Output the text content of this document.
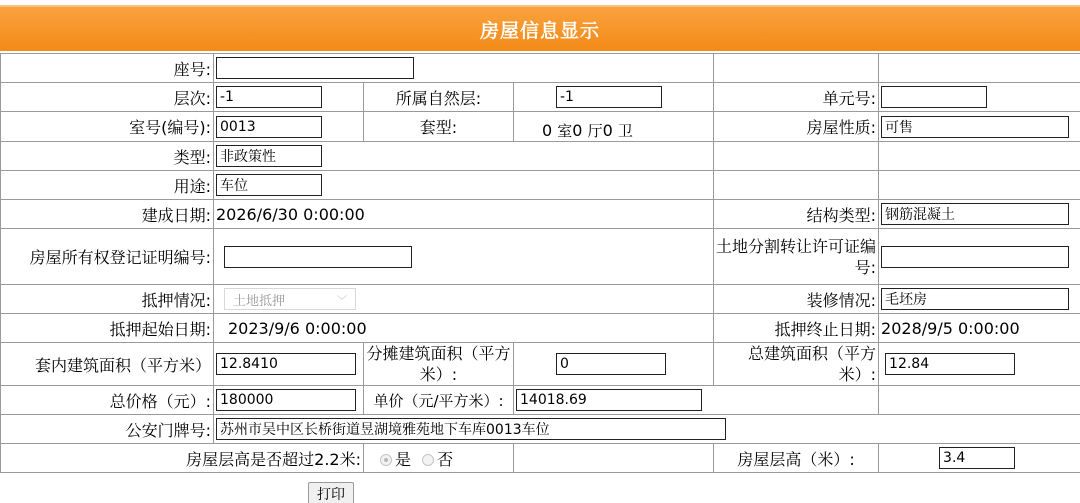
房屋信息显示
座号:			
层次:	-1	所属自然层:	-1	单元号:	
室号(编号):	0013	套型:	0 室0 厅0 卫	房屋性质:	可售
类型:	非政策性		
用途:	车位		
建成日期:	2026/6/30 0:00:00			结构类型:	钢筋混凝土
房屋所有权登记证明编号:				土地分割转让许可证编号:	
抵押情况:	土地抵押 ﹀			装修情况:	毛坯房
抵押起始日期:	2023/9/6 0:00:00			抵押终止日期:	2028/9/5 0:00:00
套内建筑面积（平方米）	12.8410	分摊建筑面积（平方米）:	0	总建筑面积（平方米）:	12.84
总价格（元）:	180000	单价（元/平方米）:	14018.69	
公安门牌号:	苏州市吴中区长桥街道昱湖境雅苑地下车库0013车位
房屋层高是否超过2.2米:		是 否		房屋层高（米）:	3.4
打印
